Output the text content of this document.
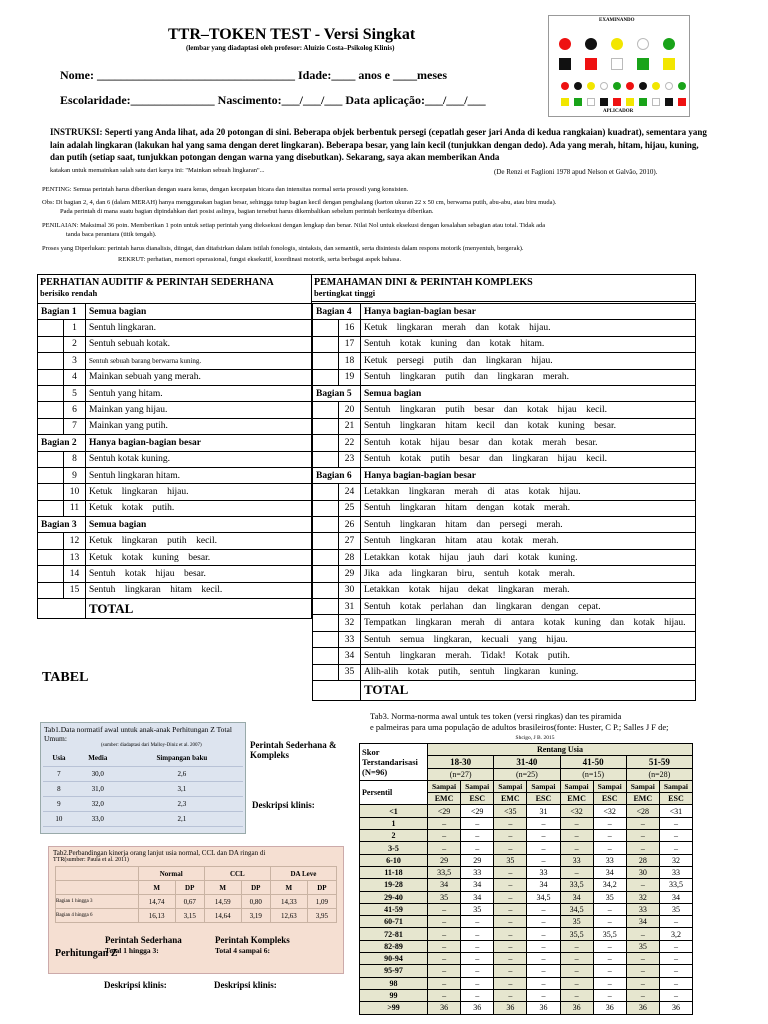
TTR–TOKEN TEST - Versi Singkat
(lembar yang diadaptasi oleh profesor: Aluízio Costa–Psikolog Klinis)
Nome: _________________________________ Idade:____ anos e ____meses
Escolaridade:______________ Nascimento:___/___/___ Data aplicação:___/___/___
EXAMINANDO
APLICADOR
INSTRUKSI: Seperti yang Anda lihat, ada 20 potongan di sini. Beberapa objek berbentuk persegi (cepatlah geser jari Anda di kedua rangkaian) kuadrat), sementara yang lain adalah lingkaran (lakukan hal yang sama dengan deret lingkaran). Beberapa besar, yang lain kecil (tunjukkan dengan dedo). Ada yang merah, hitam, hijau, kuning, dan putih (setiap saat, tunjukkan potongan dengan warna yang disebutkan). Sekarang, saya akan memberikan Anda
katakan untuk memainkan salah satu dari karya ini: "Mainkan sebuah lingkaran"...	(De Renzi et Faglioni 1978 apud Nelson et Galvão, 2010).
PENTING: Semua perintah harus diberikan dengan suara keras, dengan kecepatan bicara dan intensitas normal serta prosodi yang konsisten.
Obs: Di bagian 2, 4, dan 6 (dalam MERAH) hanya menggunakan bagian besar, sehingga tutup bagian kecil dengan penghalang (karton ukuran 22 x 50 cm, berwarna putih, abu-abu, atau biru muda).
Pada perintah di mana suatu bagian dipindahkan dari posisi aslinya, bagian tersebut harus dikembalikan sebelum perintah berikutnya diberikan.
PENILAIAN: Maksimal 36 poin. Memberikan 1 poin untuk setiap perintah yang dieksekusi dengan lengkap dan benar. Nilai Nol untuk eksekusi dengan kesalahan sebagian atau total. Tidak ada
tanda baca perantara (titik tengah).
Proses yang Diperlukan: perintah harus dianalisis, diingat, dan ditafsirkan dalam istilah fonologis, sintaksis, dan semantik, serta disintesis dalam respons motorik (menyentuh, bergerak).
REKRUT: perhatian, memori operasional, fungsi eksekutif, koordinasi motorik, serta berbagai aspek bahasa.
PERHATIAN AUDITIF & PERINTAH SEDERHANA
berisiko rendah
Bagian 1		Semua bagian
	1	Sentuh lingkaran.
	2	Sentuh sebuah kotak.
	3	Sentuh sebuah barang berwarna kuning.
	4	Mainkan sebuah yang merah.
	5	Sentuh yang hitam.
	6	Mainkan yang hijau.
	7	Mainkan yang putih.
Bagian 2		Hanya bagian-bagian besar
	8	Sentuh kotak kuning.
	9	Sentuh lingkaran hitam.
	10	Ketuk    lingkaran    hijau.
	11	Ketuk    kotak    putih.
Bagian 3		Semua bagian
	12	Ketuk    lingkaran    putih    kecil.
	13	Ketuk    kotak    kuning    besar.
	14	Sentuh    kotak    hijau    besar.
	15	Sentuh    lingkaran    hitam    kecil.
		TOTAL
PEMAHAMAN DINI & PERINTAH KOMPLEKS
bertingkat tinggi
Bagian 4		Hanya bagian-bagian besar
	16	Ketuk    lingkaran    merah    dan    kotak    hijau.
	17	Sentuh    kotak    kuning    dan    kotak    hitam.
	18	Ketuk    persegi    putih    dan    lingkaran    hijau.
	19	Sentuh    lingkaran    putih    dan    lingkaran    merah.
Bagian 5		Semua bagian
	20	Sentuh    lingkaran    putih    besar    dan    kotak    hijau    kecil.
	21	Sentuh    lingkaran    hitam    kecil    dan    kotak    kuning    besar.
	22	Sentuh    kotak    hijau    besar    dan    kotak    merah    besar.
	23	Sentuh    kotak    putih    besar    dan    lingkaran    hijau    kecil.
Bagian 6		Hanya bagian-bagian besar
	24	Letakkan    lingkaran    merah    di    atas    kotak    hijau.
	25	Sentuh    lingkaran    hitam    dengan    kotak    merah.
	26	Sentuh    lingkaran    hitam    dan    persegi    merah.
	27	Sentuh    lingkaran    hitam    atau    kotak    merah.
	28	Letakkan    kotak    hijau    jauh    dari    kotak    kuning.
	29	Jika    ada    lingkaran    biru,    sentuh    kotak    merah.
	30	Letakkan    kotak    hijau    dekat    lingkaran    merah.
	31	Sentuh    kotak    perlahan    dan    lingkaran    dengan    cepat.
	32	Tempatkan    lingkaran    merah    di    antara    kotak    kuning    dan    kotak    hijau.
	33	Sentuh    semua    lingkaran,    kecuali    yang    hijau.
	34	Sentuh    lingkaran    merah.    Tidak!    Kotak    putih.
	35	Alih-alih    kotak    putih,    sentuh    lingkaran    kuning.
		TOTAL
TABEL
Tab1.Data normatif awal untuk anak-anak Perhitungan Z Total Umum:
(sumber: diadaptasi dari Malloy-Diniz et al. 2007)
Usia	Media	Simpangan baku
7	30,0	2,6
8	31,0	3,1
9	32,0	2,3
10	33,0	2,1
Perintah Sederhana & Kompleks
Deskripsi klinis:
Tab2.Perbandingan kinerja orang lanjut usia normal, CCL dan DA ringan di
TTR(sumber: Paula et al. 2011)
	Normal		CCL		DA Leve	
	M	DP	M	DP	M	DP
Bagian 1 hingga 3	14,74	0,67	14,59	0,80	14,33	1,09
Bagian 4 hingga 6	16,13	3,15	14,64	3,19	12,63	3,95
Perhitungan Z
Perintah Sederhana
Total 1 hingga 3:
Perintah Kompleks
Total 4 sampai 6:
Deskripsi klinis:	Deskripsi klinis:
Tab3. Norma-norma awal untuk tes token (versi ringkas) dan tes piramida
e palmeiras para uma população de adultos brasileiros(fonte: Huster, C P.; Salles J F de;
Shcigo, J B. 2015
Skor Terstandarisasi (N=96)	Rentang Usia							
	18-30		31-40		41-50		51-59	
	(n=27)		(n=25)		(n=15)		(n=28)	
Persentil	Sampai	Sampai	Sampai	Sampai	Sampai	Sampai	Sampai	Sampai
	EMC	ESC	EMC	ESC	EMC	ESC	EMC	ESC
<1	<29	<29	<35	31	<32	<32	<28	<31
1	–	–	–	–	–	–	–	–
2	–	–	–	–	–	–	–	–
3-5	–	–	–	–	–	–	–	–
6-10	29	29	35	–	33	33	28	32
11-18	33,5	33	–	33	–	34	30	33
19-28	34	34	–	34	33,5	34,2	–	33,5
29-40	35	34	–	34,5	34	35	32	34
41-59	–	35	–	–	34,5	–	33	35
60-71	–	–	–	–	35	–	34	–
72-81	–	–	–	–	35,5	35,5	–	3,2
82-89	–	–	–	–	–	–	35	–
90-94	–	–	–	–	–	–	–	–
95-97	–	–	–	–	–	–	–	–
98	–	–	–	–	–	–	–	–
99	–	–	–	–	–	–	–	–
>99	36	36	36	36	36	36	36	36
